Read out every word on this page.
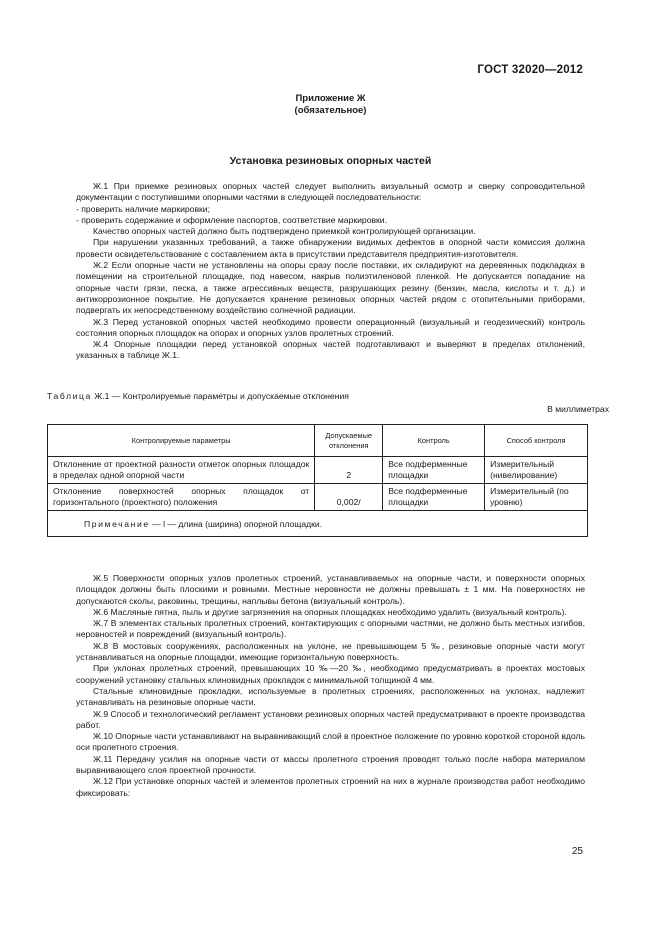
ГОСТ 32020—2012
Приложение Ж
(обязательное)
Установка резиновых опорных частей

Ж.1 При приемке резиновых опорных частей следует выполнить визуальный осмотр и сверку сопроводительной документации с поступившими опорными частями в следующей последовательности:

- проверить наличие маркировки;

- проверить содержание и оформление паспортов, соответствие маркировки.

Качество опорных частей должно быть подтверждено приемкой контролирующей организации.

При нарушении указанных требований, а также обнаружении видимых дефектов в опорной части комиссия должна провести освидетельствование с составлением акта в присутствии представителя предприятия-изготовителя.

Ж.2 Если опорные части не установлены на опоры сразу после поставки, их складируют на деревянных подкладках в помещении на строительной площадке, под навесом, накрыв полиэтиленовой пленкой. Не допускается попадание на опорные части грязи, песка, а также агрессивных веществ, разрушающих резину (бензин, масла, кислоты и т. д.) и антикоррозионное покрытие. Не допускается хранение резиновых опорных частей рядом с отопительными приборами, подвергать их непосредственному воздействию солнечной радиации.

Ж.3 Перед установкой опорных частей необходимо провести операционный (визуальный и геодезический) контроль состояния опорных площадок на опорах и опорных узлов пролетных строений.

Ж.4 Опорные площадки перед установкой опорных частей подготавливают и выверяют в пределах отклонений, указанных в таблице Ж.1.

Таблица Ж.1 — Контролируемые параметры и допускаемые отклонения
В миллиметрах
Контролируемые параметры	Допускаемые отклонения	Контроль	Способ контроля
Отклонение от проектной разности отметок опорных площадок в пределах одной опорной части	2	Все подферменные площадки	Измерительный (нивелирование)
Отклонение поверхностей опорных площадок от горизонтального (проектного) положения	0,002/	Все подферменные площадки	Измерительный (по уровню)
Примечание — l — длина (ширина) опорной площадки.			

Ж.5 Поверхности опорных узлов пролетных строений, устанавливаемых на опорные части, и поверхности опорных площадок должны быть плоскими и ровными. Местные неровности не должны превышать ± 1 мм. На поверхностях не допускаются сколы, раковины, трещины, наплывы бетона (визуальный контроль).

Ж.6 Масляные пятна, пыль и другие загрязнения на опорных площадках необходимо удалить (визуальный контроль).

Ж.7 В элементах стальных пролетных строений, контактирующих с опорными частями, не должно быть местных изгибов, неровностей и повреждений (визуальный контроль).

Ж.8 В мостовых сооружениях, расположенных на уклоне, не превышающем 5 ‰, резиновые опорные части могут устанавливаться на опорные площадки, имеющие горизонтальную поверхность.

При уклонах пролетных строений, превышающих 10 ‰—20 ‰, необходимо предусматривать в проектах мостовых сооружений установку стальных клиновидных прокладок с минимальной толщиной 4 мм.

Стальные клиновидные прокладки, используемые в пролетных строениях, расположенных на уклонах, надлежит устанавливать на резиновые опорные части.

Ж.9 Способ и технологический регламент установки резиновых опорных частей предусматривают в проекте производства работ.

Ж.10 Опорные части устанавливают на выравнивающий слой в проектное положение по уровню короткой стороной вдоль оси пролетного строения.

Ж.11 Передачу усилия на опорные части от массы пролетного строения проводят только после набора материалом выравнивающего слоя проектной прочности.

Ж.12 При установке опорных частей и элементов пролетных строений на них в журнале производства работ необходимо фиксировать:

25
